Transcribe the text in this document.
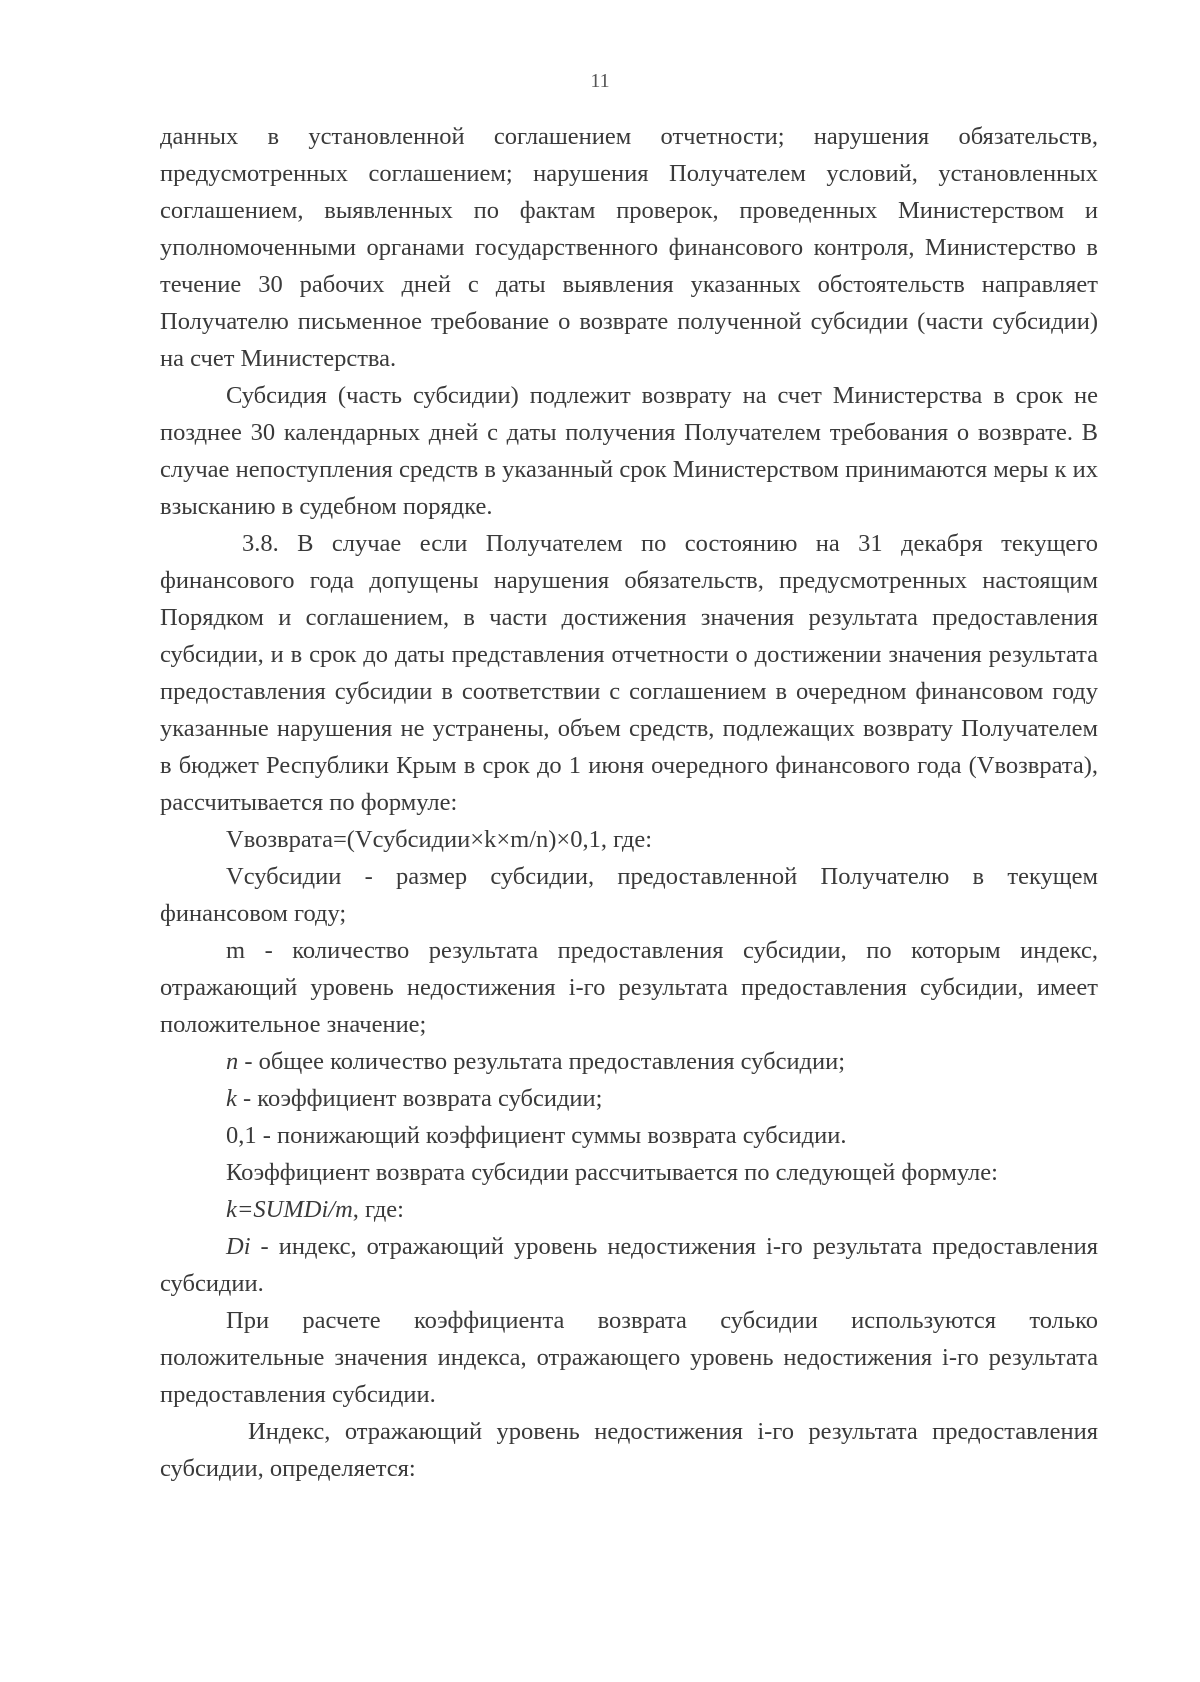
11

данных в установленной соглашением отчетности; нарушения обязательств, предусмотренных соглашением; нарушения Получателем условий, установленных соглашением, выявленных по фактам проверок, проведенных Министерством и уполномоченными органами государственного финансового контроля, Министерство в течение 30 рабочих дней с даты выявления указанных обстоятельств направляет Получателю письменное требование о возврате полученной субсидии (части субсидии) на счет Министерства.

Субсидия (часть субсидии) подлежит возврату на счет Министерства в срок не позднее 30 календарных дней с даты получения Получателем требования о возврате. В случае непоступления средств в указанный срок Министерством принимаются меры к их взысканию в судебном порядке.

3.8. В случае если Получателем по состоянию на 31 декабря текущего финансового года допущены нарушения обязательств, предусмотренных настоящим Порядком и соглашением, в части достижения значения результата предоставления субсидии, и в срок до даты представления отчетности о достижении значения результата предоставления субсидии в соответствии с соглашением в очередном финансовом году указанные нарушения не устранены, объем средств, подлежащих возврату Получателем в бюджет Республики Крым в срок до 1 июня очередного финансового года (Vвозврата), рассчитывается по формуле:

Vвозврата=(Vсубсидии×k×m/n)×0,1, где:

Vсубсидии - размер субсидии, предоставленной Получателю в текущем финансовом году;

m - количество результата предоставления субсидии, по которым индекс, отражающий уровень недостижения i-го результата предоставления субсидии, имеет положительное значение;

n - общее количество результата предоставления субсидии;

k - коэффициент возврата субсидии;

0,1 - понижающий коэффициент суммы возврата субсидии.

Коэффициент возврата субсидии рассчитывается по следующей формуле:

k=SUMDi/m, где:

Di - индекс, отражающий уровень недостижения i-го результата предоставления субсидии.

При расчете коэффициента возврата субсидии используются только положительные значения индекса, отражающего уровень недостижения i-го результата предоставления субсидии.

Индекс, отражающий уровень недостижения i-го результата предоставления субсидии, определяется:
